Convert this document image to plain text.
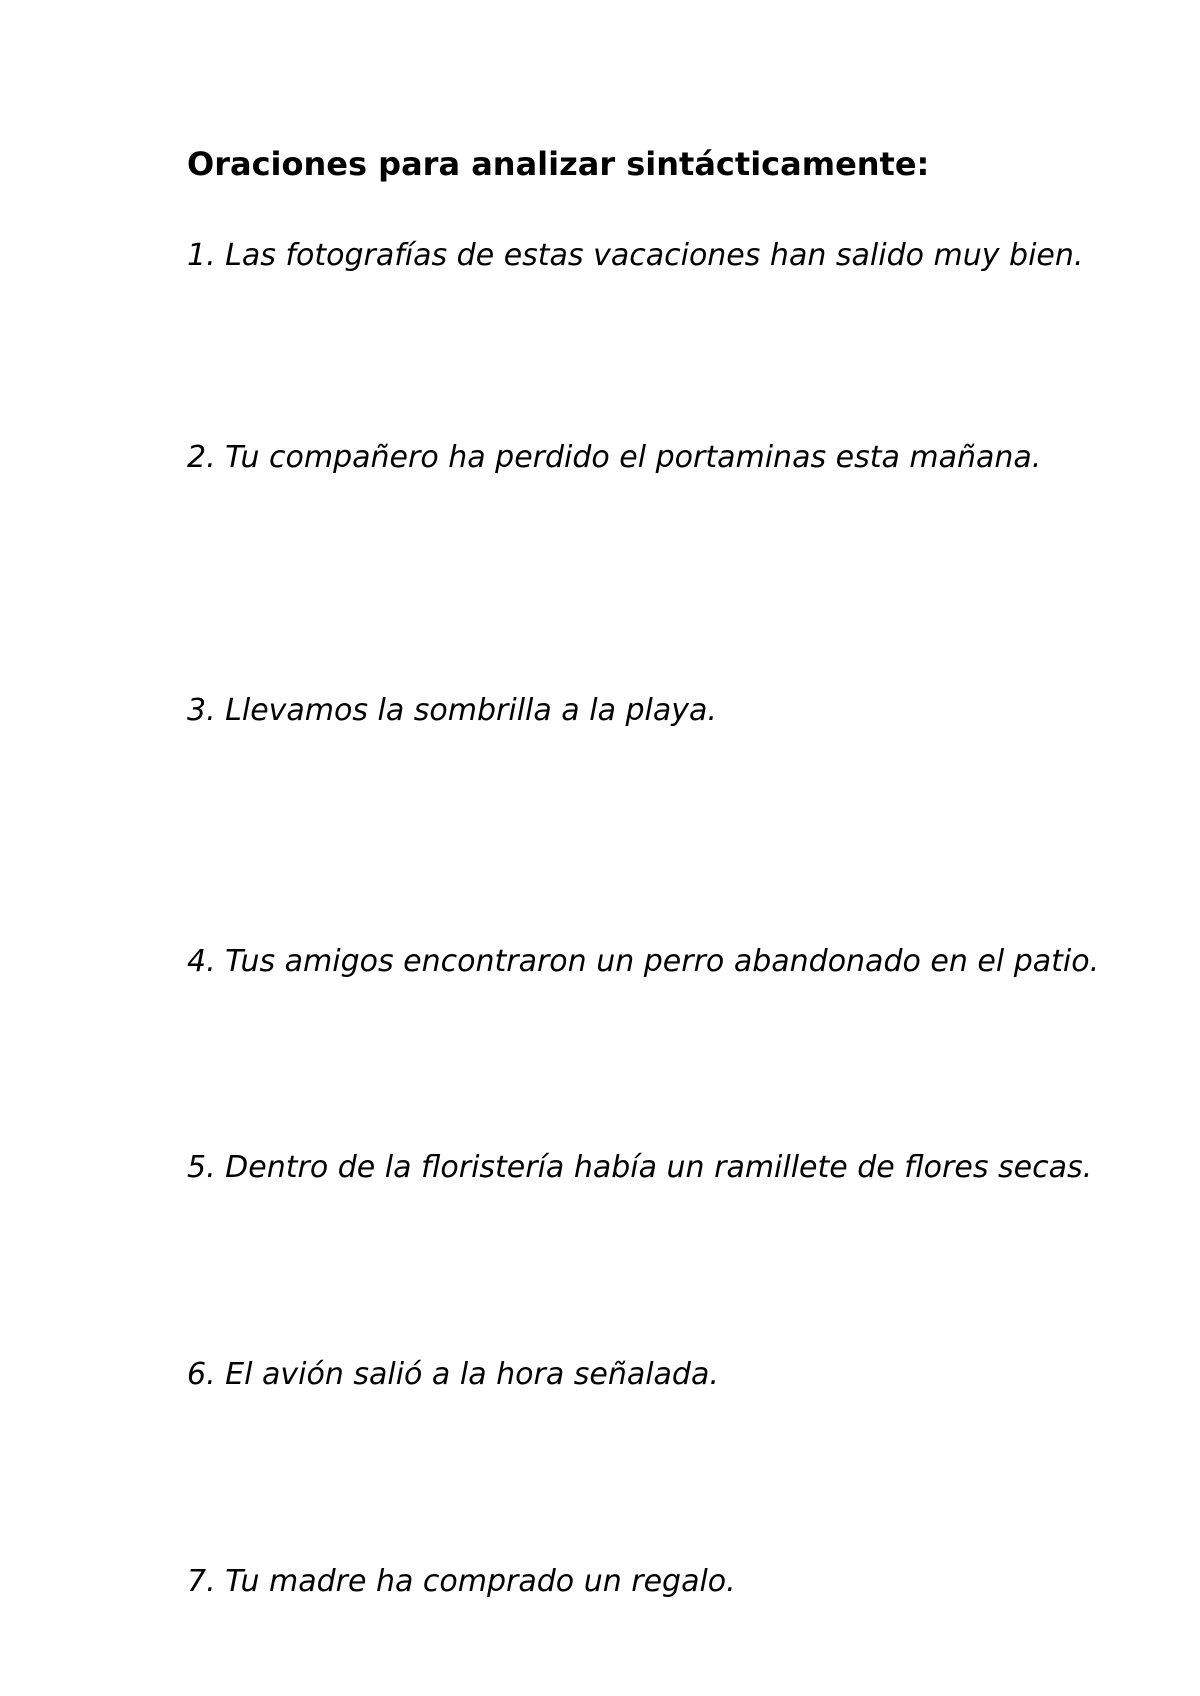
Oraciones para analizar sintácticamente:
1. Las fotografías de estas vacaciones han salido muy bien.
2. Tu compañero ha perdido el portaminas esta mañana.
3. Llevamos la sombrilla a la playa.
4. Tus amigos encontraron un perro abandonado en el patio.
5. Dentro de la floristería había un ramillete de flores secas.
6. El avión salió a la hora señalada.
7. Tu madre ha comprado un regalo.
